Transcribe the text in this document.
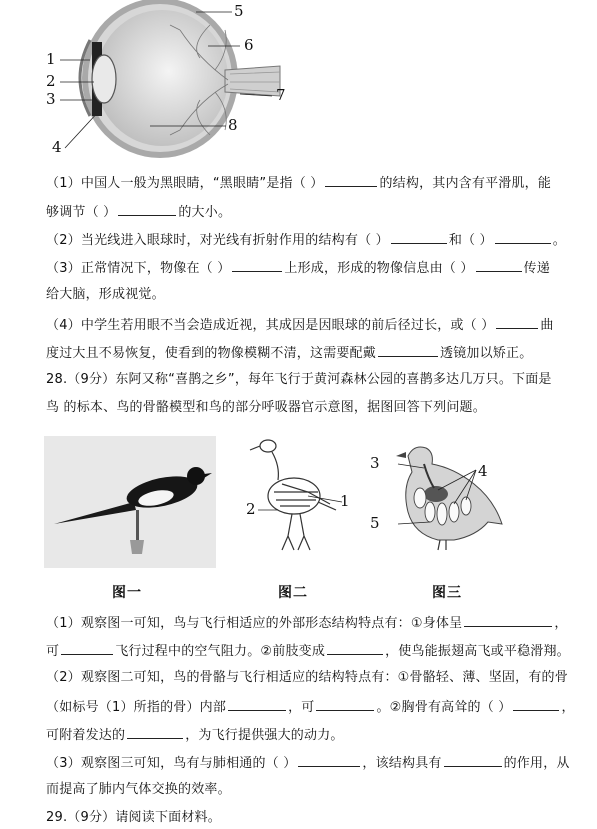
1
2
3
4
5
6
7
8
（1）中国人一般为黑眼睛，“黑眼睛”是指（ ）	的结构，其内含有平滑肌，能
够调节（ ）	的大小。
（2）当光线进入眼球时，对光线有折射作用的结构有（ ）	和（ ）	。
（3）正常情况下，物像在（ ）	上形成，形成的物像信息由（ ）	传递
给大脑，形成视觉。
（4）中学生若用眼不当会造成近视，其成因是因眼球的前后径过长，或（ ）	曲
度过大且不易恢复，使看到的物像模糊不清，这需要配戴	透镜加以矫正。
28.（9分）东阿又称“喜鹊之乡”，每年飞行于黄河森林公园的喜鹊多达几万只。下面是
鸟 的标本、鸟的骨骼模型和鸟的部分呼吸器官示意图，据图回答下列问题。
1
2
3	4
5
图一	图二	图三
（1）观察图一可知，鸟与飞行相适应的外部形态结构特点有：①身体呈	，
可	飞行过程中的空气阻力。②前肢变成	，使鸟能振翅高飞或平稳滑翔。
（2）观察图二可知，鸟的骨骼与飞行相适应的结构特点有：①骨骼轻、薄、坚固，有的骨
（如标号（1）所指的骨）内部	，可	。②胸骨有高耸的（ ）	，
可附着发达的	，为飞行提供强大的动力。
（3）观察图三可知，鸟有与肺相通的（ ）	，该结构具有	的作用，从
而提高了肺内气体交换的效率。
29.（9分）请阅读下面材料。
